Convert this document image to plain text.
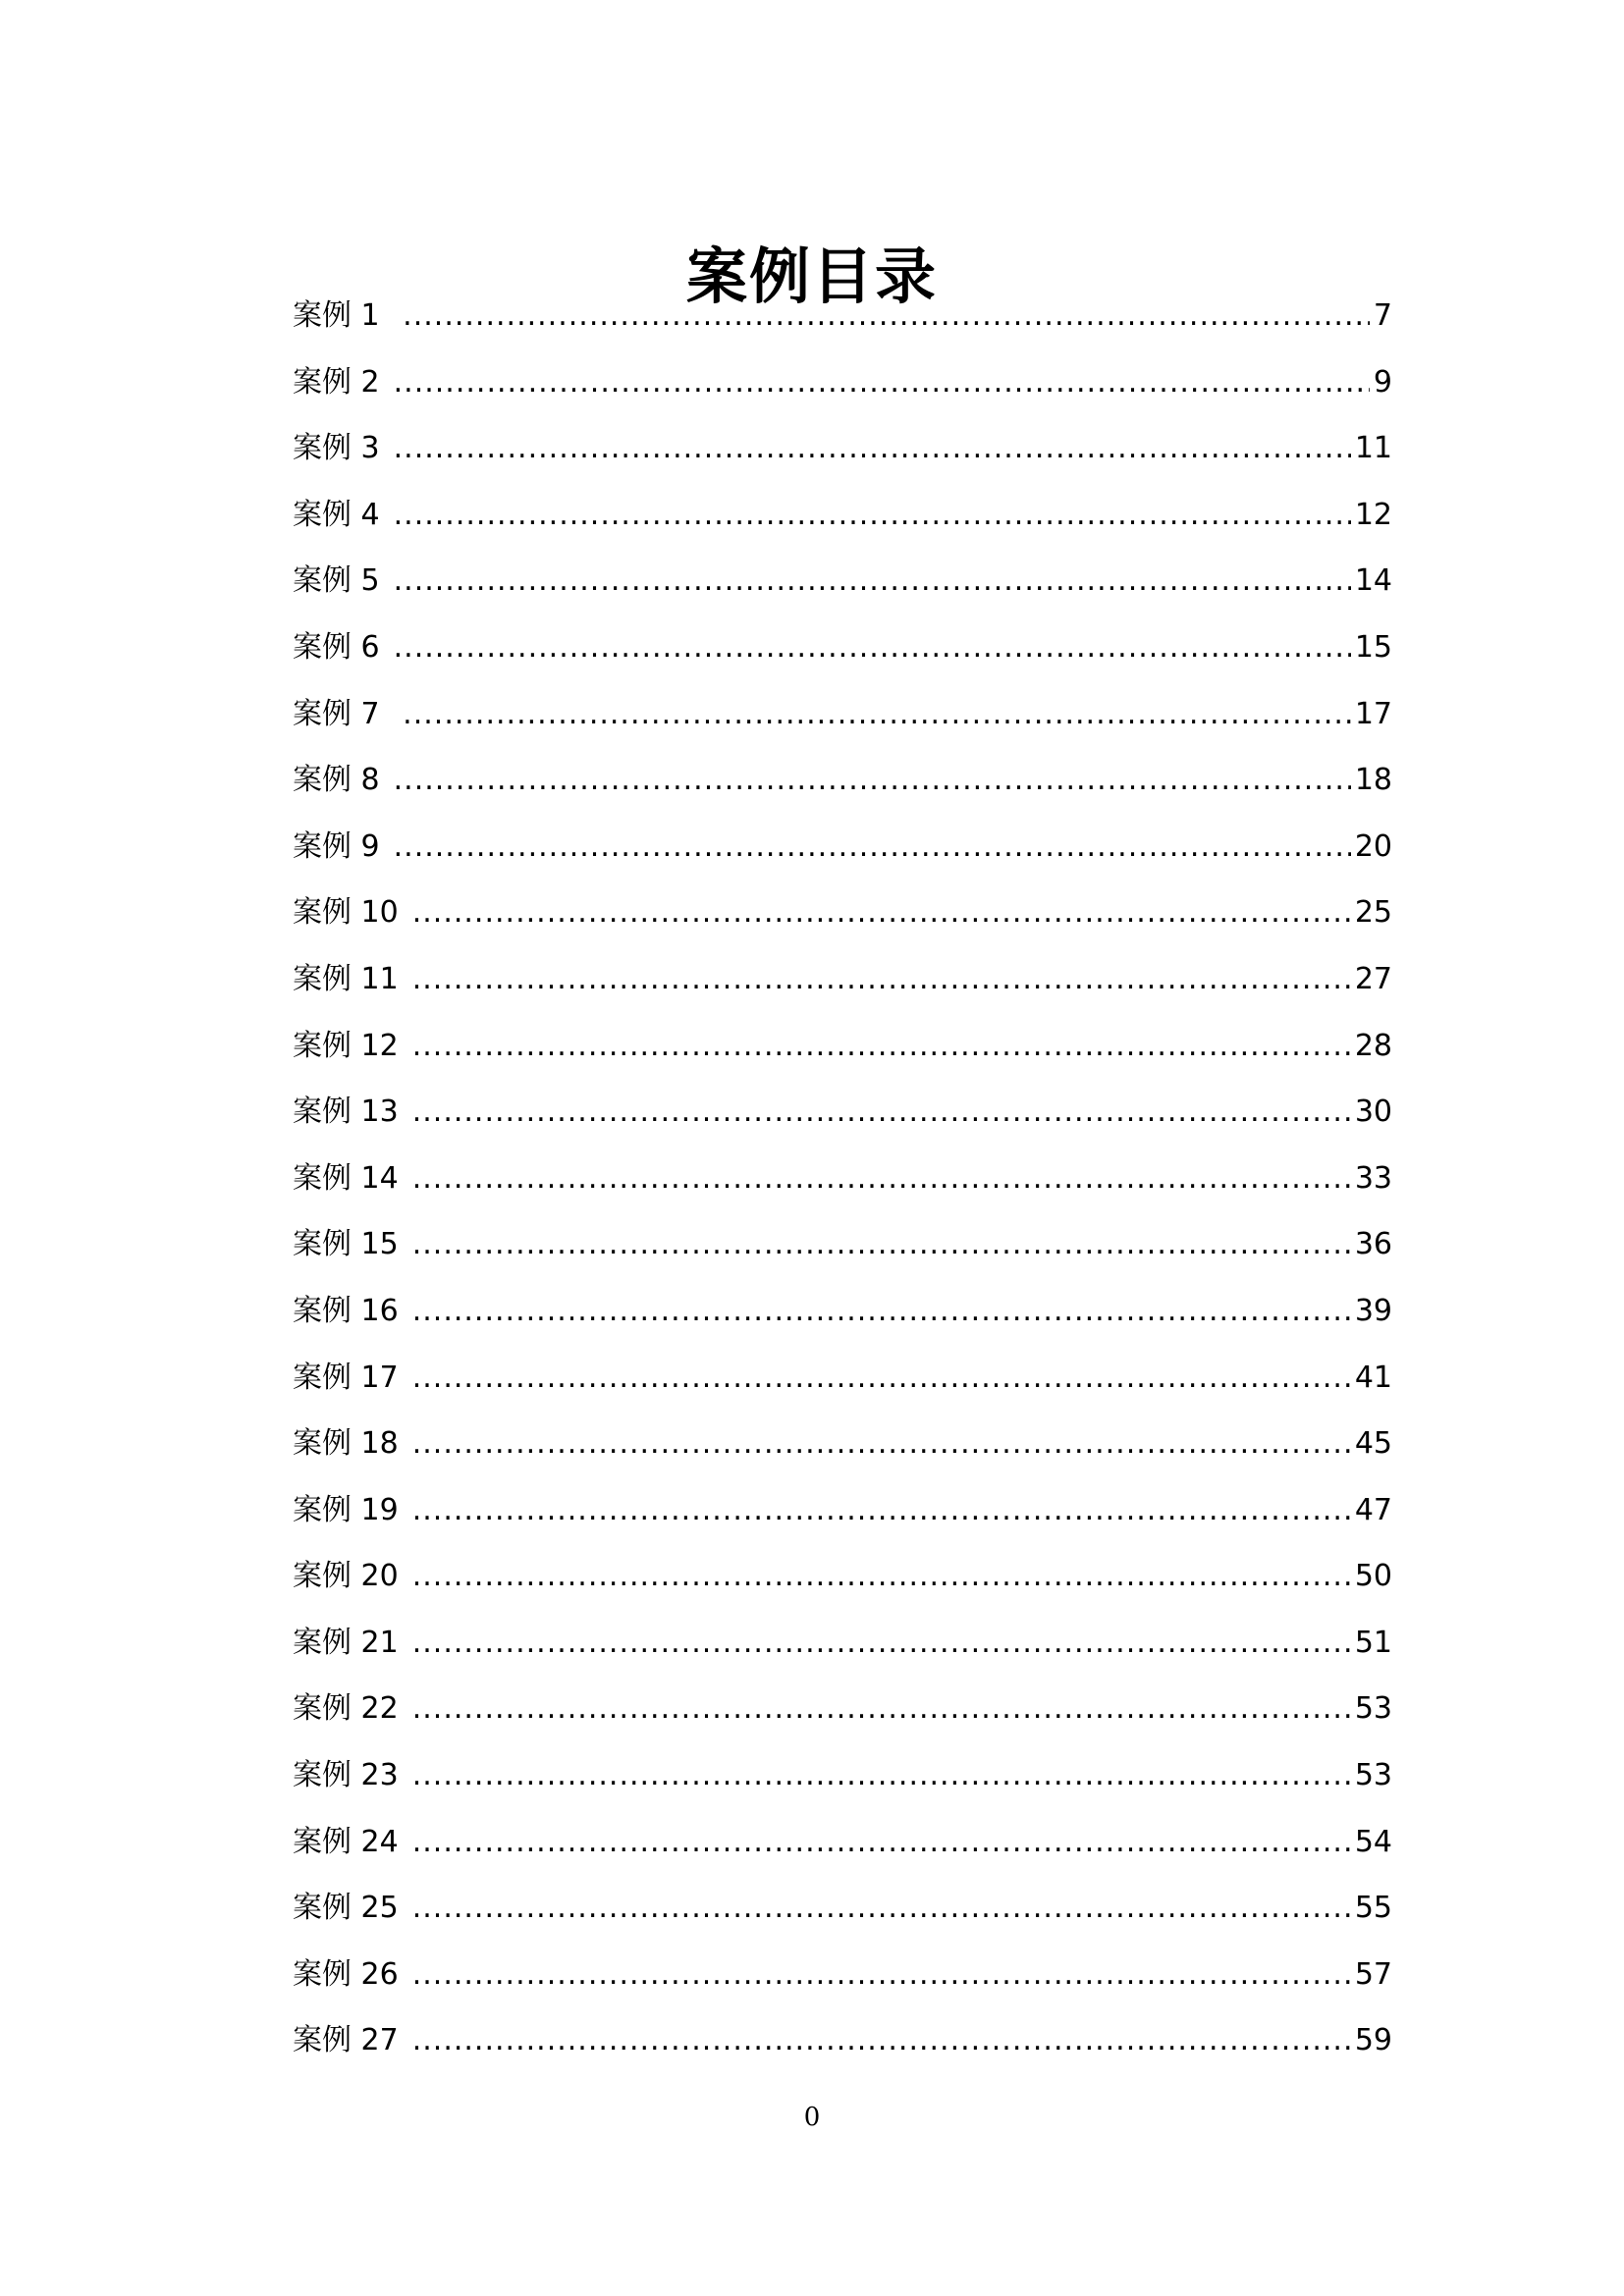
案例目录
案例 1 .....	7
案例 2 .....	9
案例 3 .....	11
案例 4 .....	12
案例 5 .....	14
案例 6 .....	15
案例 7 .....	17
案例 8 .....	18
案例 9 .....	20
案例 10 .....	25
案例 11 .....	27
案例 12 .....	28
案例 13 .....	30
案例 14 .....	33
案例 15 .....	36
案例 16 .....	39
案例 17 .....	41
案例 18 .....	45
案例 19 .....	47
案例 20 .....	50
案例 21 .....	51
案例 22 .....	53
案例 23 .....	53
案例 24 .....	54
案例 25 .....	55
案例 26 .....	57
案例 27 .....	59
0
